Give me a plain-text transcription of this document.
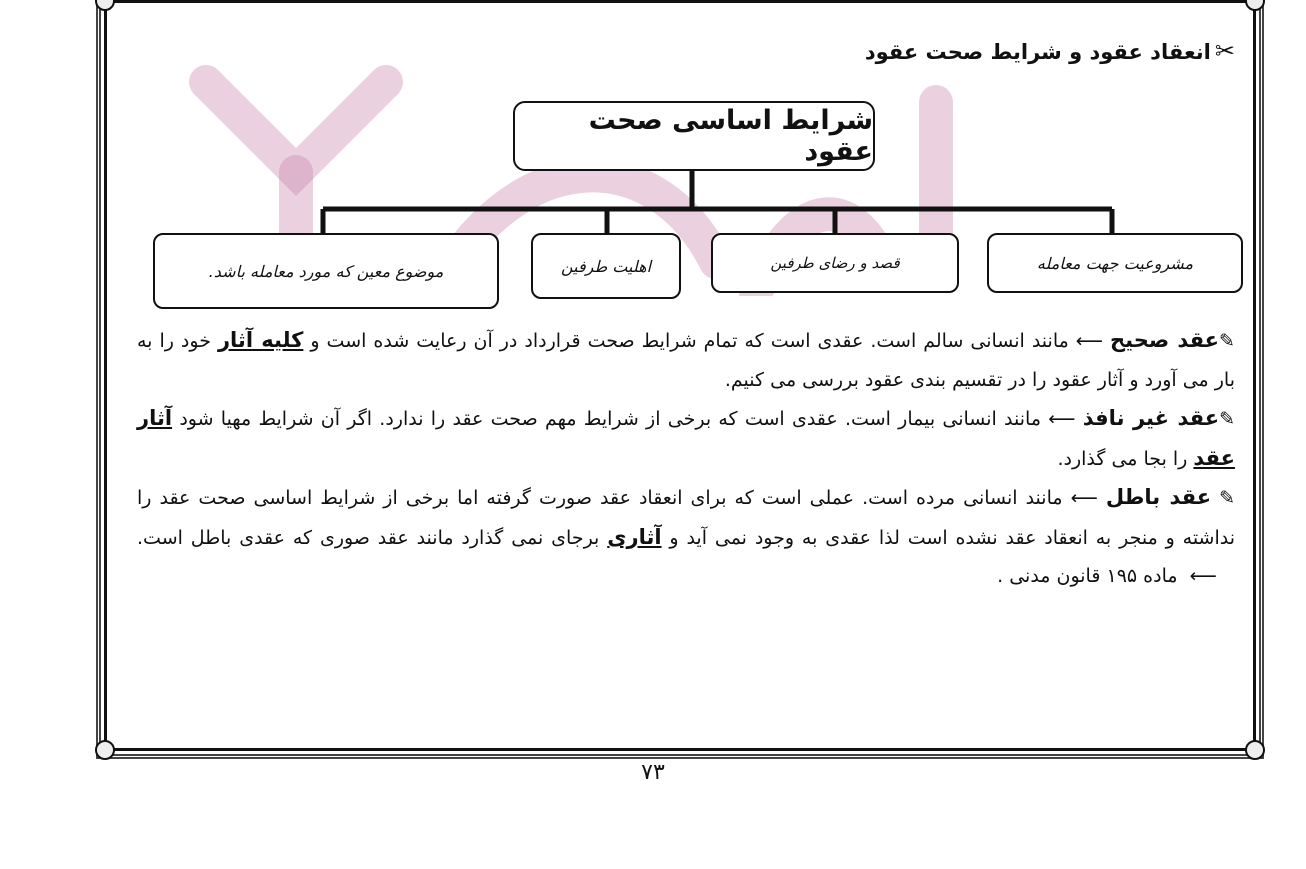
✂انعقاد عقود و شرایط صحت عقود
شرایط اساسی صحت عقود
مشروعیت جهت معامله
قصد و رضای طرفین
اهلیت طرفین
موضوع معین که مورد معامله باشد.

✎عقد صحیح ⟵ مانند انسانی سالم است. عقدی است که تمام شرایط صحت قرارداد در آن رعایت شده است و کلیه آثار خود را به بار می آورد و آثار عقود را در تقسیم بندی عقود بررسی می کنیم.

✎عقد غیر نافذ ⟵ مانند انسانی بیمار است. عقدی است که برخی از شرایط مهم صحت عقد را ندارد. اگر آن شرایط مهیا شود آثار عقد را بجا می گذارد.

✎ عقد باطل ⟵ مانند انسانی مرده است. عملی است که برای انعقاد عقد صورت گرفته اما برخی از شرایط اساسی صحت عقد را نداشته و منجر به انعقاد عقد نشده است لذا عقدی به وجود نمی آید و آثاری برجای نمی گذارد مانند عقد صوری که عقدی باطل است.    ⟵  ماده ۱۹۵ قانون مدنی .

۷۳
